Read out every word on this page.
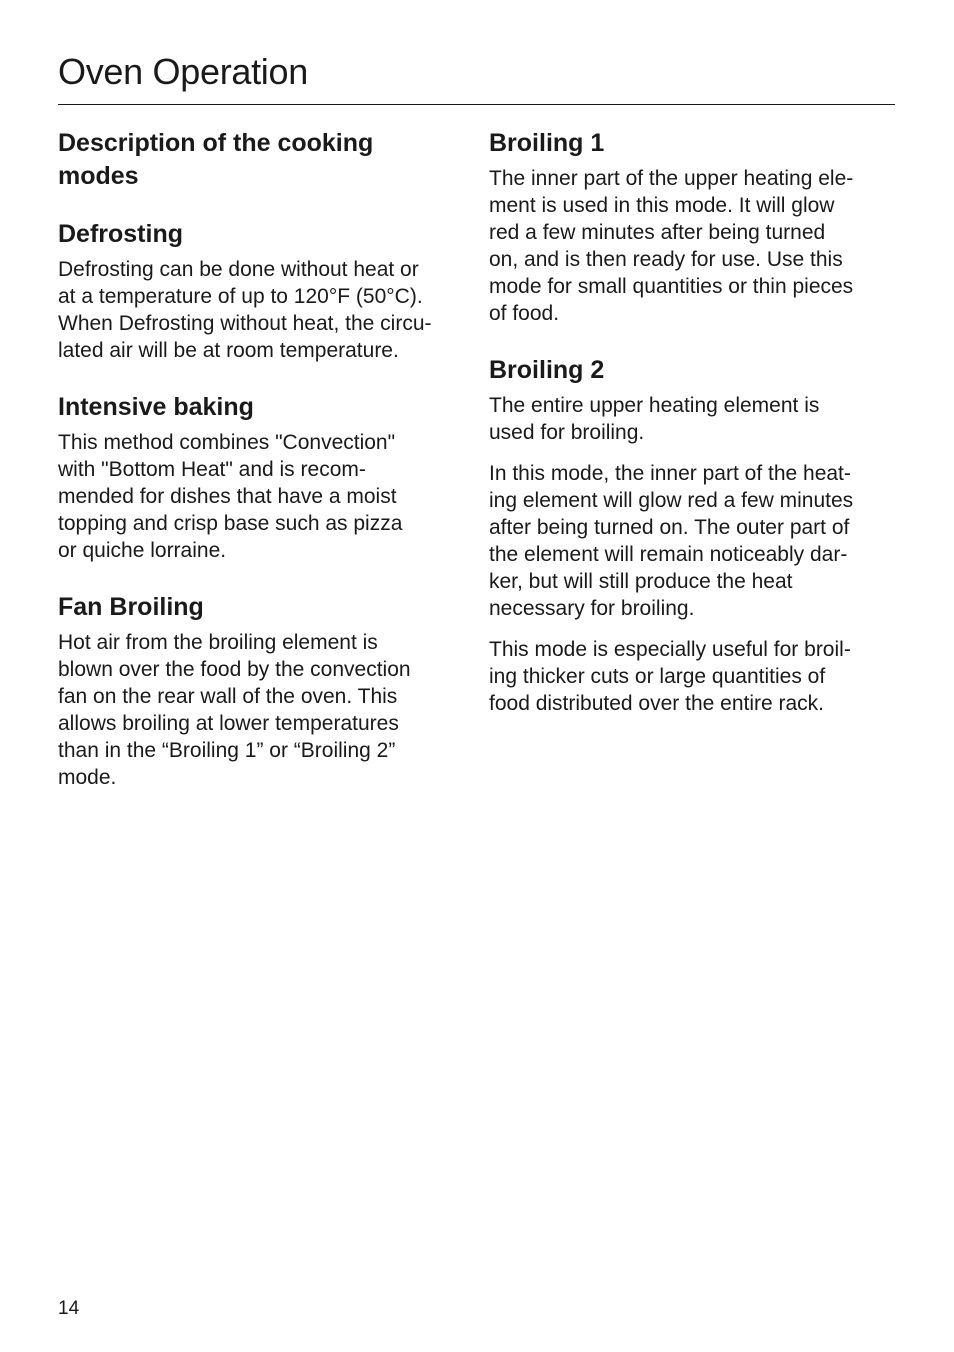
Oven Operation
Description of the cooking
modes
Defrosting

Defrosting can be done without heat or
at a temperature of up to 120°F (50°C).
When Defrosting without heat, the circu-
lated air will be at room temperature.

Intensive baking

This method combines "Convection"
with "Bottom Heat" and is recom-
mended for dishes that have a moist
topping and crisp base such as pizza
or quiche lorraine.

Fan Broiling

Hot air from the broiling element is
blown over the food by the convection
fan on the rear wall of the oven. This
allows broiling at lower temperatures
than in the “Broiling 1” or “Broiling 2”
mode.

Broiling 1

The inner part of the upper heating ele-
ment is used in this mode. It will glow
red a few minutes after being turned
on, and is then ready for use. Use this
mode for small quantities or thin pieces
of food.

Broiling 2

The entire upper heating element is
used for broiling.

In this mode, the inner part of the heat-
ing element will glow red a few minutes
after being turned on. The outer part of
the element will remain noticeably dar-
ker, but will still produce the heat
necessary for broiling.

This mode is especially useful for broil-
ing thicker cuts or large quantities of
food distributed over the entire rack.

14
